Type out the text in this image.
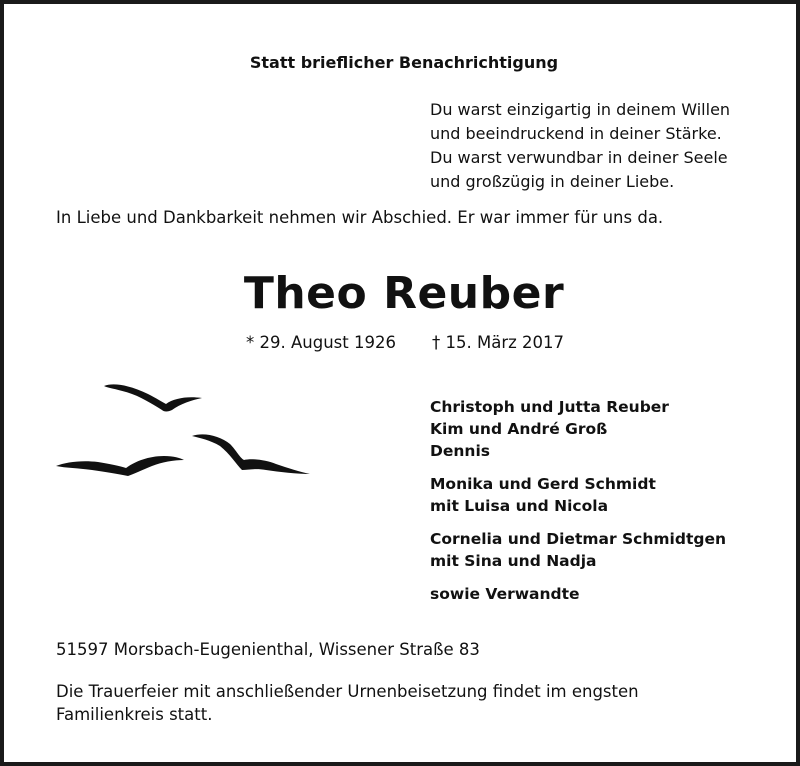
Statt brieflicher Benachrichtigung
Du warst einzigartig in deinem Willen
und beeindruckend in deiner Stärke.
Du warst verwundbar in deiner Seele
und großzügig in deiner Liebe.
In Liebe und Dankbarkeit nehmen wir Abschied. Er war immer für uns da.
Theo Reuber
* 29. August 1926 † 15. März 2017
Christoph und Jutta Reuber
Kim und André Groß
Dennis
Monika und Gerd Schmidt
mit Luisa und Nicola
Cornelia und Dietmar Schmidtgen
mit Sina und Nadja
sowie Verwandte
51597 Morsbach-Eugenienthal, Wissener Straße 83
Die Trauerfeier mit anschließender Urnenbeisetzung findet im engsten
Familienkreis statt.
